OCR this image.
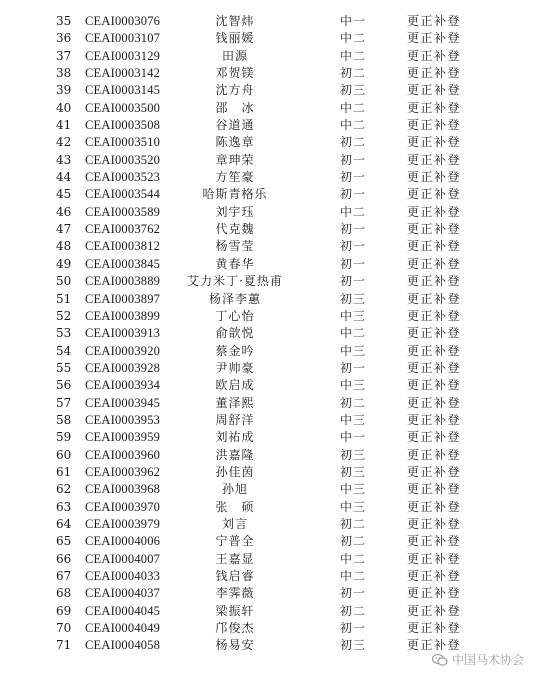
35	CEAI0003076	沈智炜	中一	更正补登
36	CEAI0003107	钱丽媛	中二	更正补登
37	CEAI0003129	田源	中二	更正补登
38	CEAI0003142	邓贺镁	初二	更正补登
39	CEAI0003145	沈方舟	初三	更正补登
40	CEAI0003500	邵　冰	中二	更正补登
41	CEAI0003508	谷道通	中二	更正补登
42	CEAI0003510	陈逸章	初二	更正补登
43	CEAI0003520	章珅荣	初一	更正补登
44	CEAI0003523	方笙豪	初一	更正补登
45	CEAI0003544	哈斯青格乐	初一	更正补登
46	CEAI0003589	刘宇珏	中二	更正补登
47	CEAI0003762	代克魏	初一	更正补登
48	CEAI0003812	杨雪莹	初一	更正补登
49	CEAI0003845	黄春华	初一	更正补登
50	CEAI0003889	艾力米丁·夏热甫	初一	更正补登
51	CEAI0003897	杨泽李蕙	初三	更正补登
52	CEAI0003899	丁心怡	中三	更正补登
53	CEAI0003913	俞歆悦	中二	更正补登
54	CEAI0003920	蔡金吟	中三	更正补登
55	CEAI0003928	尹帅豪	初一	更正补登
56	CEAI0003934	欧启成	中三	更正补登
57	CEAI0003945	董泽熙	初二	更正补登
58	CEAI0003953	周舒洋	中三	更正补登
59	CEAI0003959	刘祐成	中一	更正补登
60	CEAI0003960	洪嘉隆	初三	更正补登
61	CEAI0003962	孙佳茵	初三	更正补登
62	CEAI0003968	孙旭	中三	更正补登
63	CEAI0003970	张　硕	中三	更正补登
64	CEAI0003979	刘言	初二	更正补登
65	CEAI0004006	宁普全	初二	更正补登
66	CEAI0004007	王嘉显	中二	更正补登
67	CEAI0004033	钱启睿	中二	更正补登
68	CEAI0004037	李霁薇	初一	更正补登
69	CEAI0004045	梁振轩	初二	更正补登
70	CEAI0004049	邝俊杰	初一	更正补登
71	CEAI0004058	杨易安	初三	更正补登
中国马术协会
